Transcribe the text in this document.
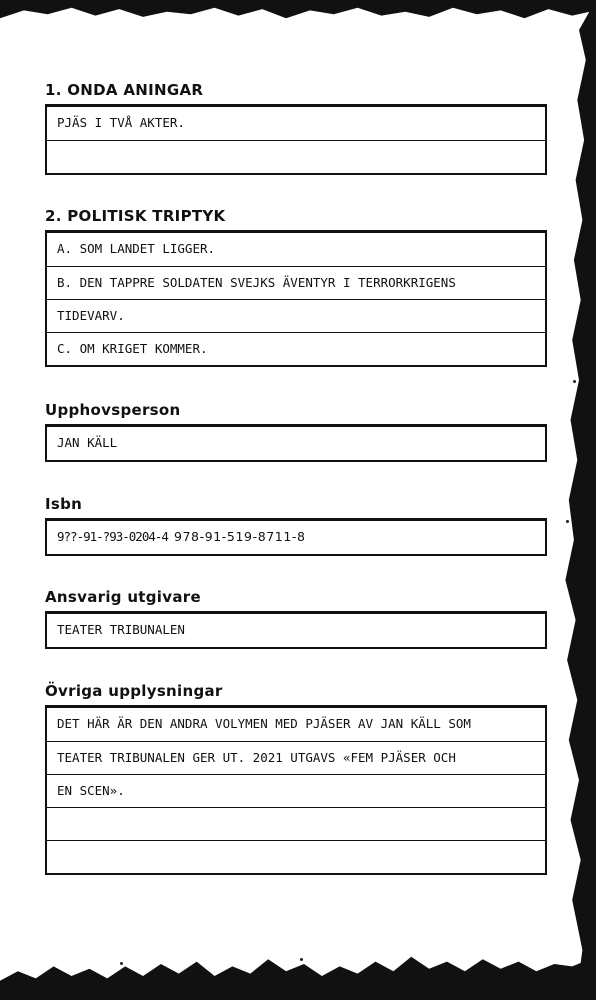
1. ONDA ANINGAR
PJÄS I TVÅ AKTER.
2. POLITISK TRIPTYK
A. SOM LANDET LIGGER.
B. DEN TAPPRE SOLDATEN SVEJKS ÄVENTYR I TERRORKRIGENS
TIDEVARV.
C. OM KRIGET KOMMER.
Upphovsperson
JAN KÄLL
Isbn
9??-91-?93-0204-4 978-91-519-8711-8
Ansvarig utgivare
TEATER TRIBUNALEN
Övriga upplysningar
DET HÄR ÄR DEN ANDRA VOLYMEN MED PJÄSER AV JAN KÄLL SOM
TEATER TRIBUNALEN GER UT. 2021 UTGAVS «FEM PJÄSER OCH
EN SCEN».
